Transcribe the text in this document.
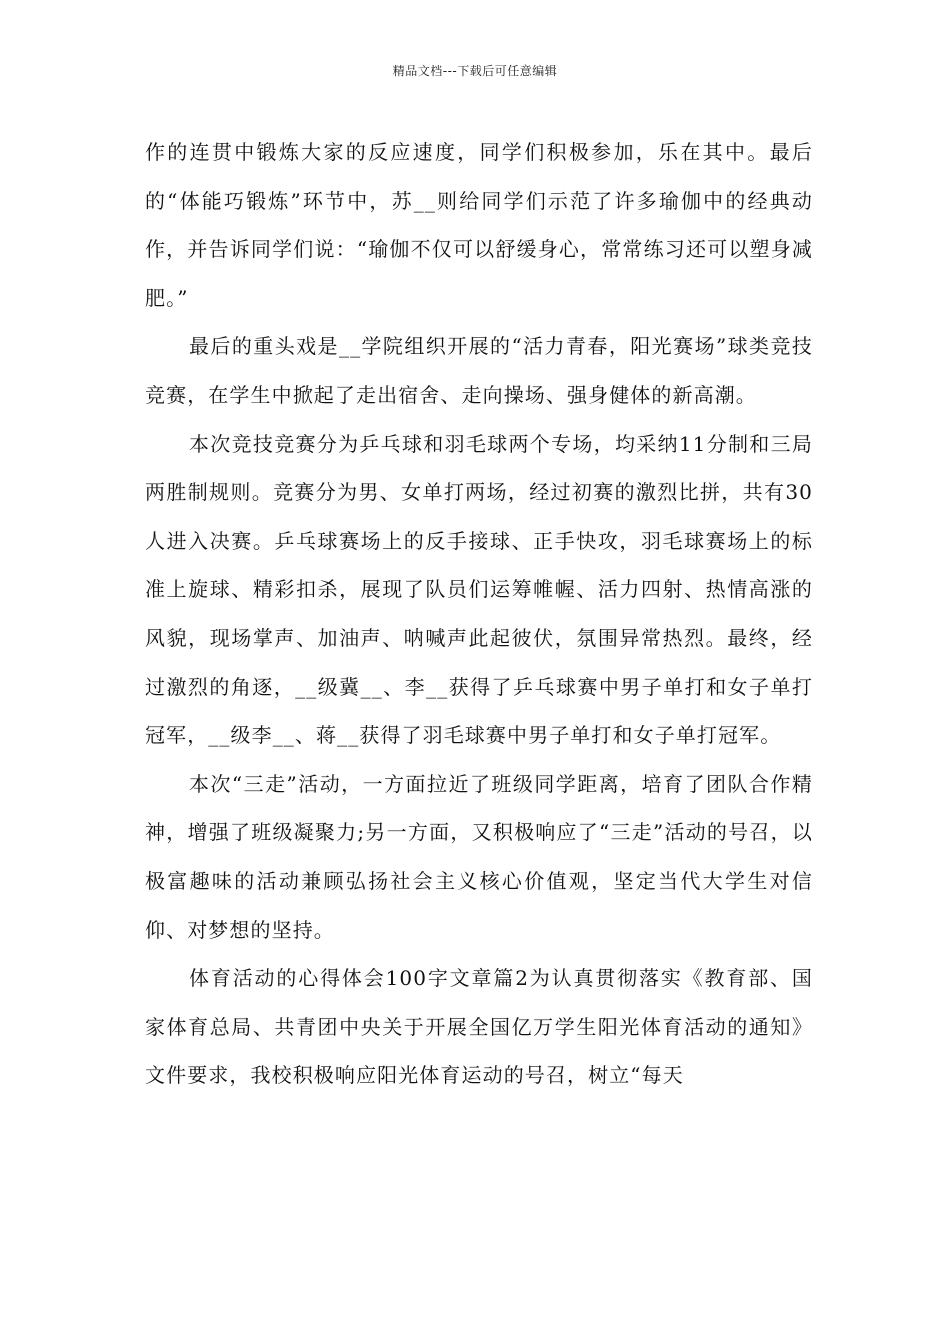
精品文档---下载后可任意编辑

作的连贯中锻炼大家的反应速度，同学们积极参加，乐在其中。最后的“体能巧锻炼”环节中，苏__则给同学们示范了许多瑜伽中的经典动作，并告诉同学们说：“瑜伽不仅可以舒缓身心，常常练习还可以塑身减肥。”

最后的重头戏是__学院组织开展的“活力青春，阳光赛场”球类竞技竞赛，在学生中掀起了走出宿舍、走向操场、强身健体的新高潮。

本次竞技竞赛分为乒乓球和羽毛球两个专场，均采纳11分制和三局两胜制规则。竞赛分为男、女单打两场，经过初赛的激烈比拼，共有30人进入决赛。乒乓球赛场上的反手接球、正手快攻，羽毛球赛场上的标准上旋球、精彩扣杀，展现了队员们运筹帷幄、活力四射、热情高涨的风貌，现场掌声、加油声、呐喊声此起彼伏，氛围异常热烈。最终，经过激烈的角逐，__级冀__、李__获得了乒乓球赛中男子单打和女子单打冠军，__级李__、蒋__获得了羽毛球赛中男子单打和女子单打冠军。

本次“三走”活动，一方面拉近了班级同学距离，培育了团队合作精神，增强了班级凝聚力;另一方面，又积极响应了“三走”活动的号召，以极富趣味的活动兼顾弘扬社会主义核心价值观，坚定当代大学生对信仰、对梦想的坚持。

体育活动的心得体会100字文章篇2为认真贯彻落实《教育部、国家体育总局、共青团中央关于开展全国亿万学生阳光体育活动的通知》文件要求，我校积极响应阳光体育运动的号召，树立“每天
